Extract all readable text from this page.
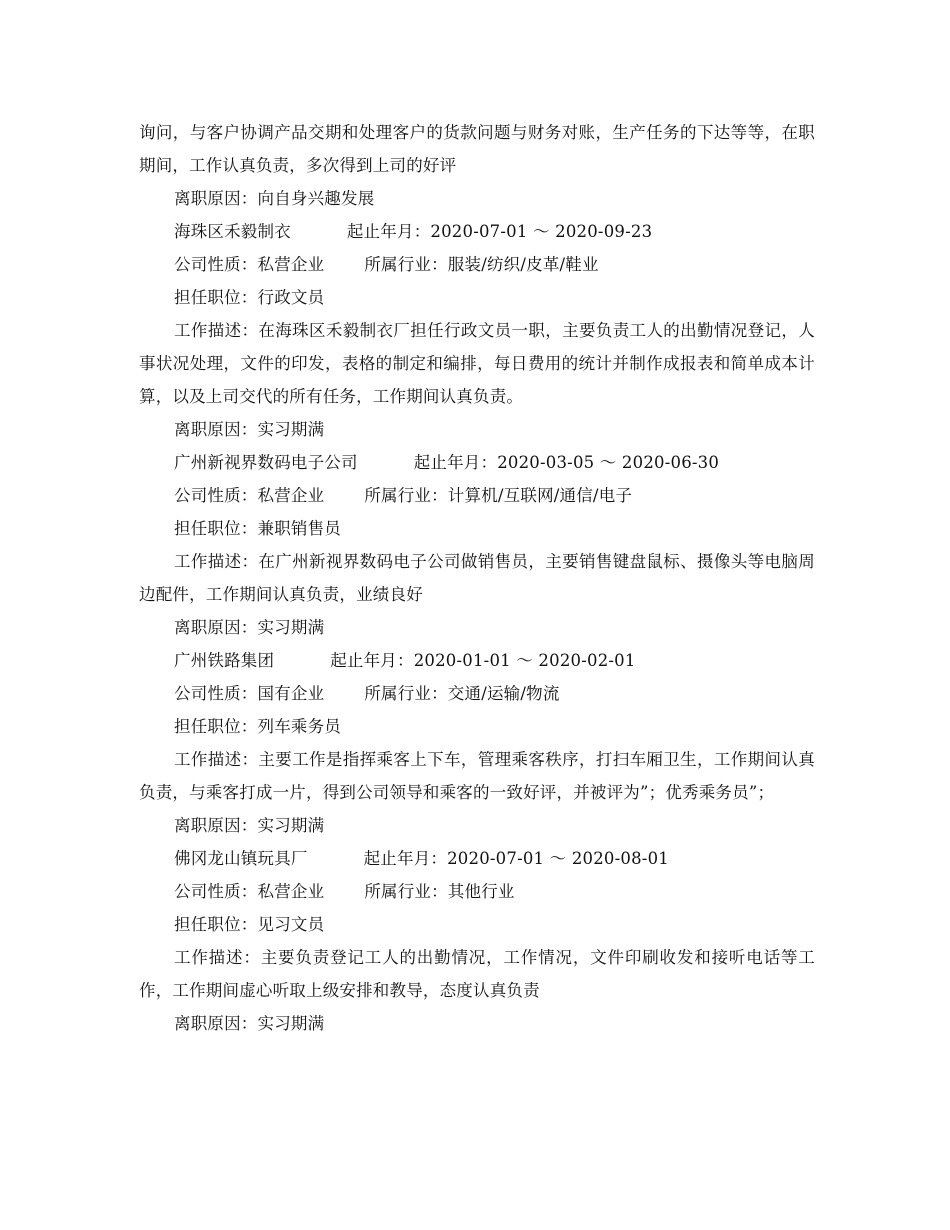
询问，与客户协调产品交期和处理客户的货款问题与财务对账，生产任务的下达等等，在职期间，工作认真负责，多次得到上司的好评

离职原因：向自身兴趣发展

海珠区禾毅制衣	起止年月：2020-07-01 ～ 2020-09-23

公司性质：私营企业 所属行业：服装/纺织/皮革/鞋业

担任职位：行政文员

工作描述：在海珠区禾毅制衣厂担任行政文员一职，主要负责工人的出勤情况登记，人事状况处理，文件的印发，表格的制定和编排，每日费用的统计并制作成报表和简单成本计算，以及上司交代的所有任务，工作期间认真负责。

离职原因：实习期满

广州新视界数码电子公司	起止年月：2020-03-05 ～ 2020-06-30

公司性质：私营企业 所属行业：计算机/互联网/通信/电子

担任职位：兼职销售员

工作描述：在广州新视界数码电子公司做销售员，主要销售键盘鼠标、摄像头等电脑周边配件，工作期间认真负责，业绩良好

离职原因：实习期满

广州铁路集团	起止年月：2020-01-01 ～ 2020-02-01

公司性质：国有企业 所属行业：交通/运输/物流

担任职位：列车乘务员

工作描述：主要工作是指挥乘客上下车，管理乘客秩序，打扫车厢卫生，工作期间认真负责，与乘客打成一片，得到公司领导和乘客的一致好评，并被评为”；优秀乘务员”；

离职原因：实习期满

佛冈龙山镇玩具厂	起止年月：2020-07-01 ～ 2020-08-01

公司性质：私营企业 所属行业：其他行业

担任职位：见习文员

工作描述：主要负责登记工人的出勤情况，工作情况，文件印刷收发和接听电话等工作，工作期间虚心听取上级安排和教导，态度认真负责

离职原因：实习期满
